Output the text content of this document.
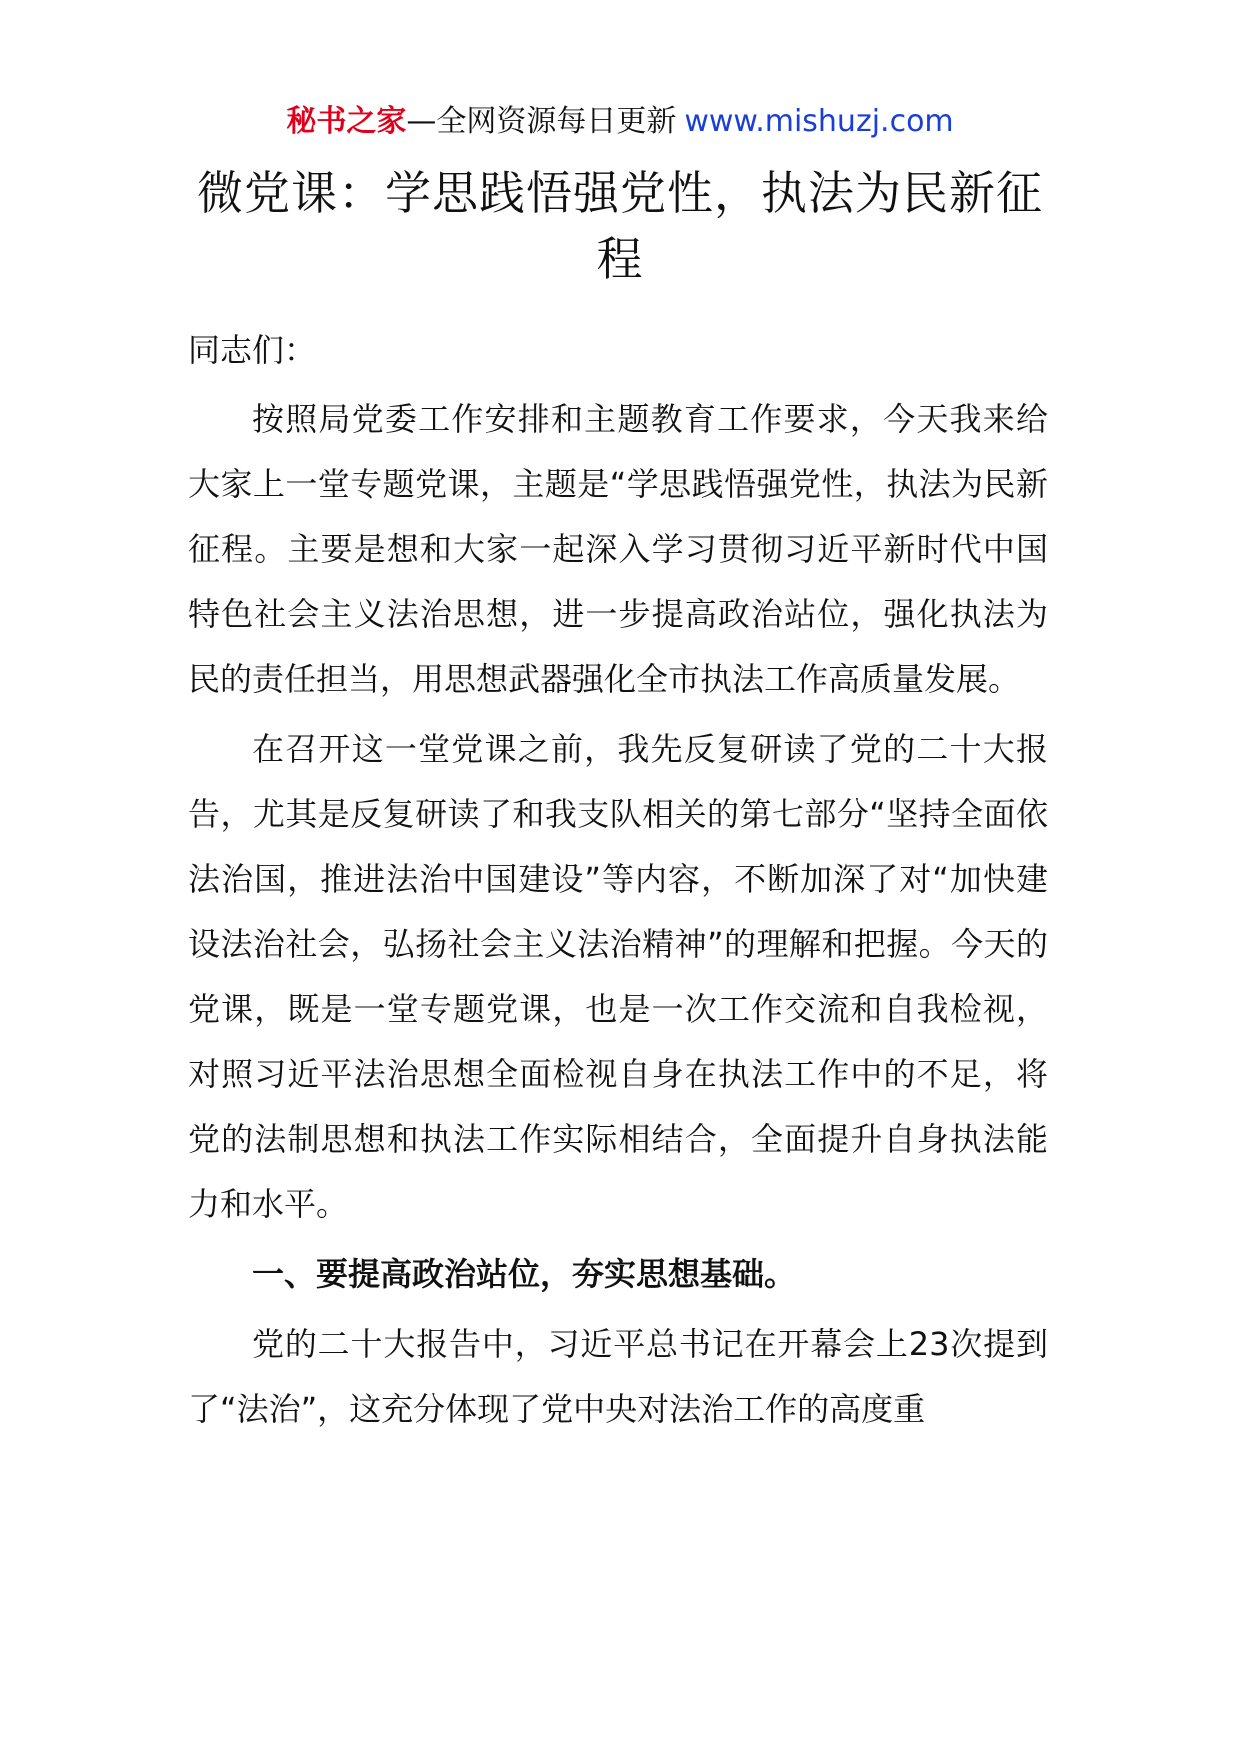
秘书之家—全网资源每日更新 www.mishuzj.com
微党课：学思践悟强党性，执法为民新征程

同志们：

按照局党委工作安排和主题教育工作要求，今天我来给大家上一堂专题党课，主题是“学思践悟强党性，执法为民新征程。主要是想和大家一起深入学习贯彻习近平新时代中国特色社会主义法治思想，进一步提高政治站位，强化执法为民的责任担当，用思想武器强化全市执法工作高质量发展。

在召开这一堂党课之前，我先反复研读了党的二十大报告，尤其是反复研读了和我支队相关的第七部分“坚持全面依法治国，推进法治中国建设”等内容，不断加深了对“加快建设法治社会，弘扬社会主义法治精神”的理解和把握。今天的党课，既是一堂专题党课，也是一次工作交流和自我检视，对照习近平法治思想全面检视自身在执法工作中的不足，将党的法制思想和执法工作实际相结合，全面提升自身执法能力和水平。

一、要提高政治站位，夯实思想基础。

党的二十大报告中，习近平总书记在开幕会上23次提到了“法治”，这充分体现了党中央对法治工作的高度重
